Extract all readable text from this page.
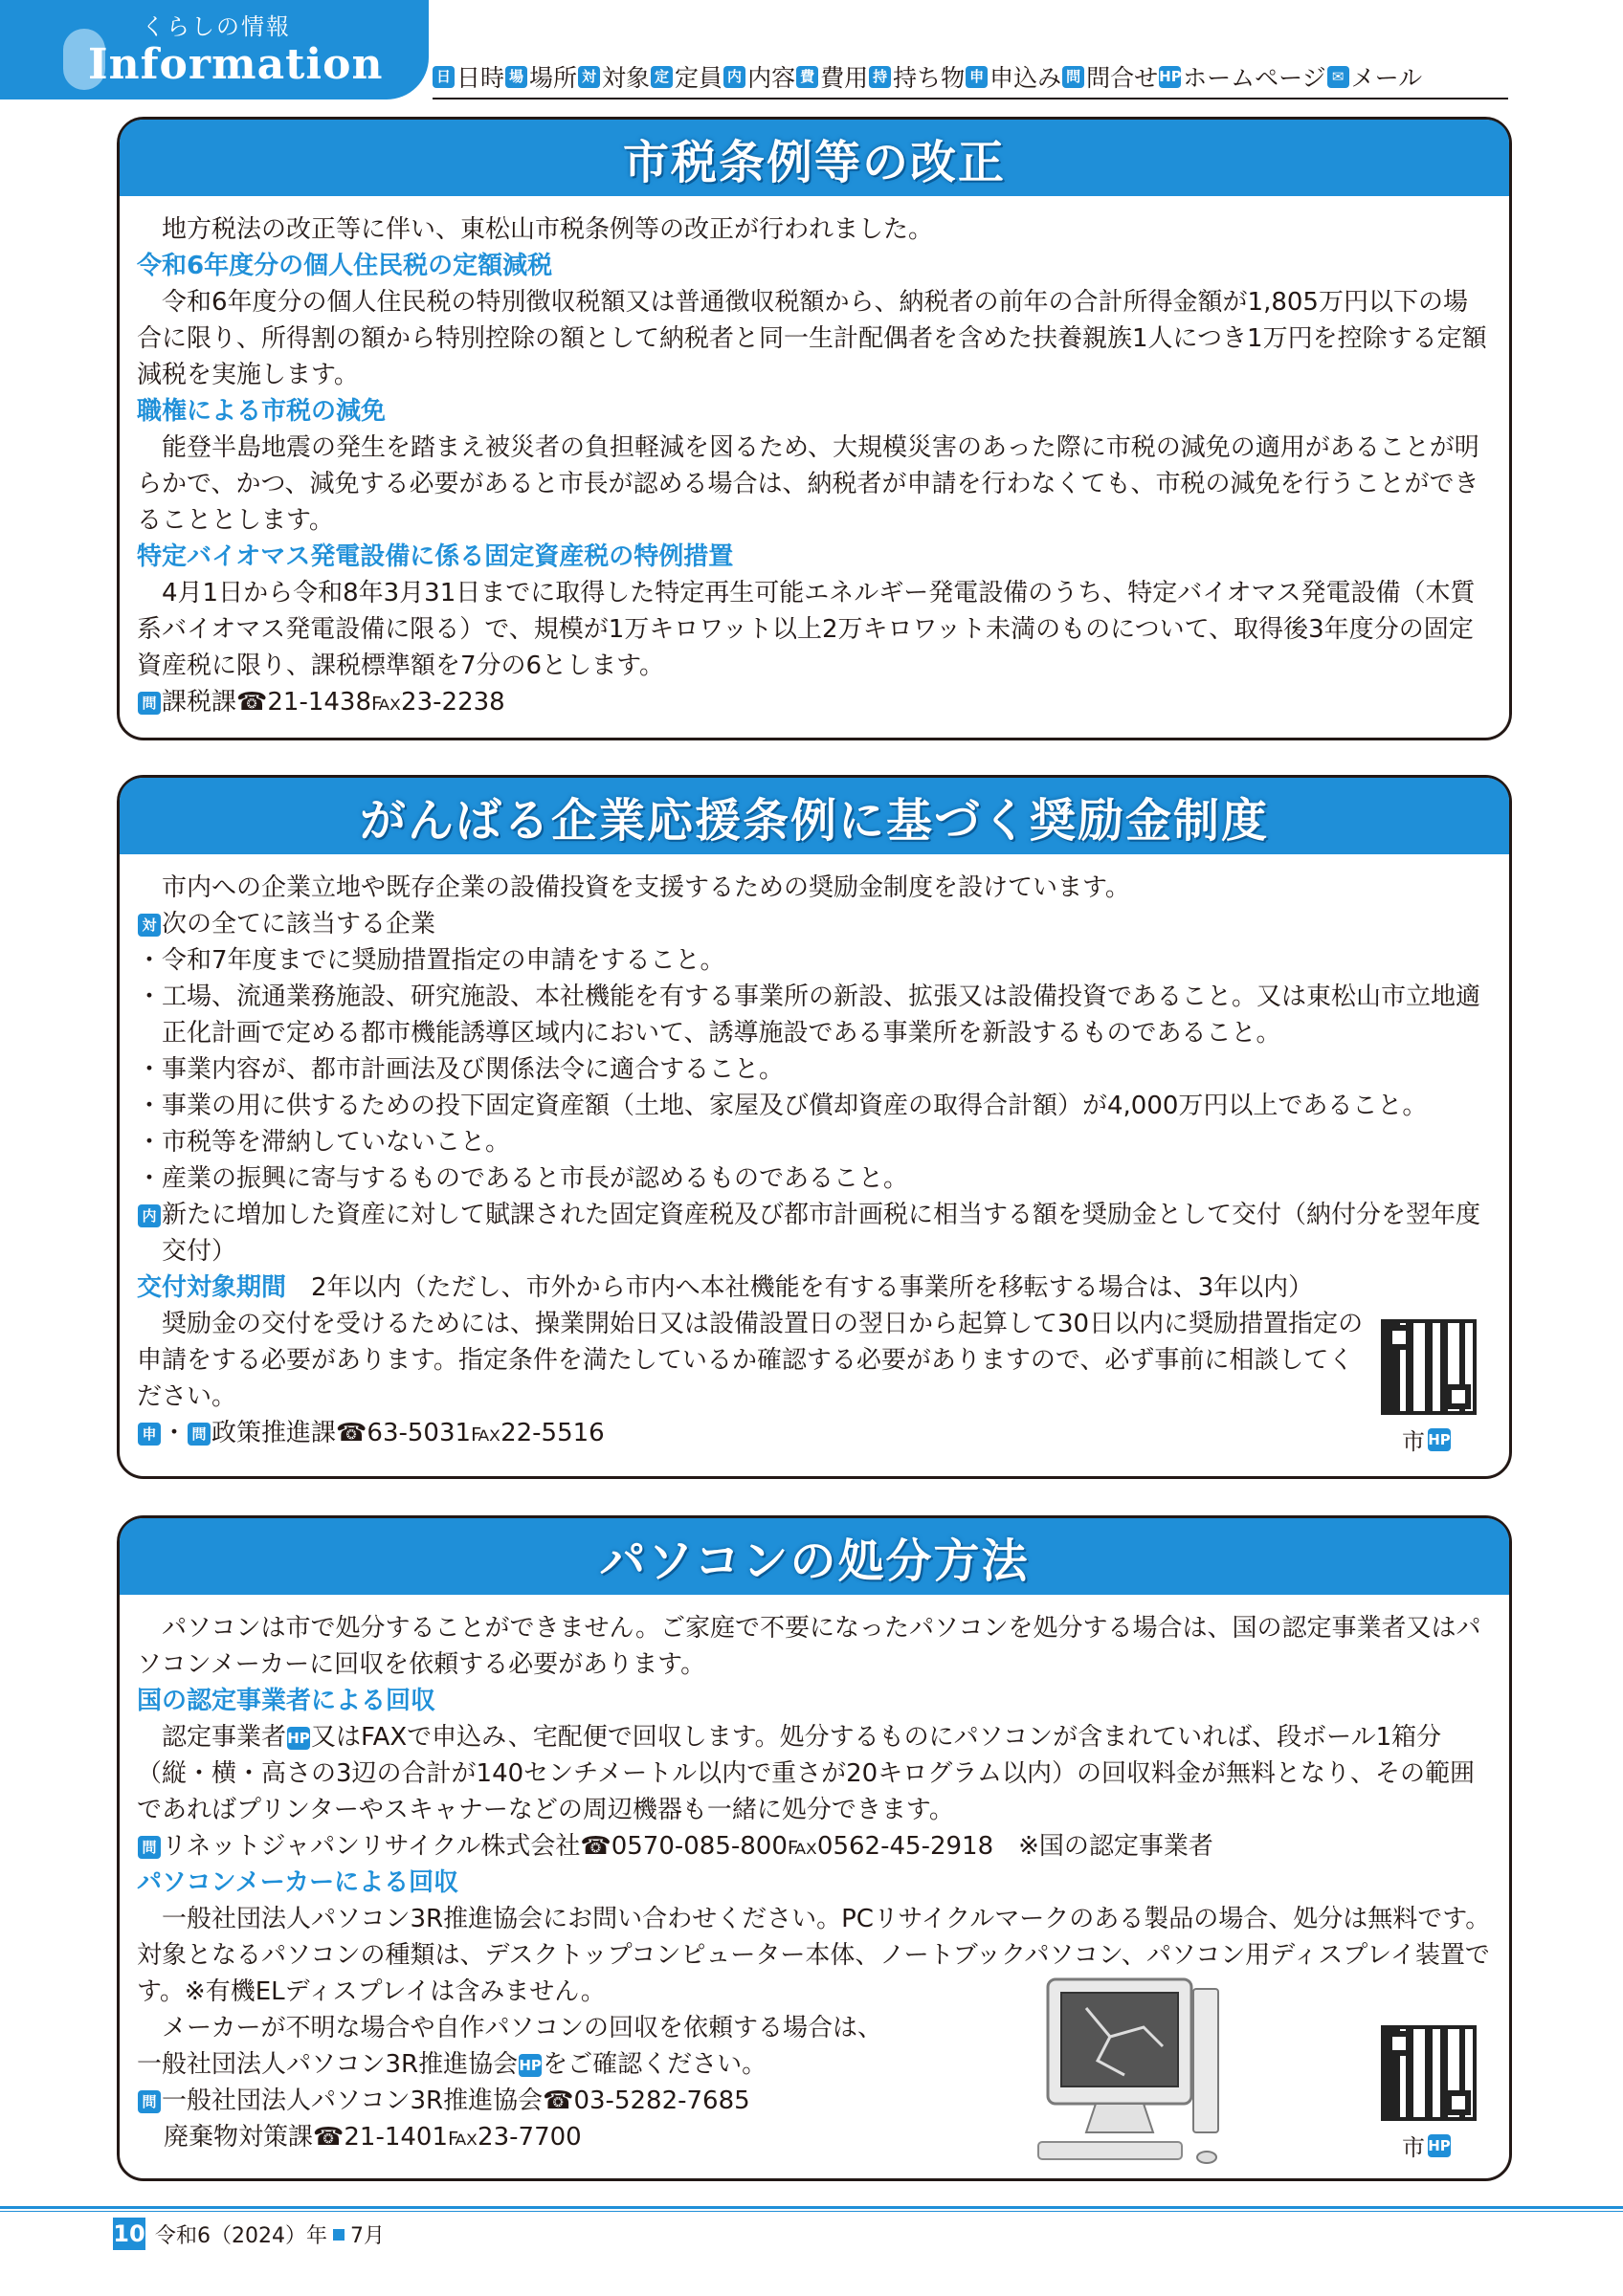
くらしの情報
Information	日 日時 場 場所 対 対象 定 定員 内 内容 費 費用 持 持ち物 申 申込み 問 問合せ HP ホームページ ✉ メール
市税条例等の改正

地方税法の改正等に伴い、東松山市税条例等の改正が行われました。

令和6年度分の個人住民税の定額減税

令和6年度分の個人住民税の特別徴収税額又は普通徴収税額から、納税者の前年の合計所得金額が1,805万円以下の場合に限り、所得割の額から特別控除の額として納税者と同一生計配偶者を含めた扶養親族1人につき1万円を控除する定額減税を実施します。

職権による市税の減免

能登半島地震の発生を踏まえ被災者の負担軽減を図るため、大規模災害のあった際に市税の減免の適用があることが明らかで、かつ、減免する必要があると市長が認める場合は、納税者が申請を行わなくても、市税の減免を行うことができることとします。

特定バイオマス発電設備に係る固定資産税の特例措置

4月1日から令和8年3月31日までに取得した特定再生可能エネルギー発電設備のうち、特定バイオマス発電設備（木質系バイオマス発電設備に限る）で、規模が1万キロワット以上2万キロワット未満のものについて、取得後3年度分の固定資産税に限り、課税標準額を7分の6とします。

問 課税課☎21-1438℻23-2238

がんばる企業応援条例に基づく奨励金制度

市内への企業立地や既存企業の設備投資を支援するための奨励金制度を設けています。

対 次の全てに該当する企業

・令和7年度までに奨励措置指定の申請をすること。

・工場、流通業務施設、研究施設、本社機能を有する事業所の新設、拡張又は設備投資であること。又は東松山市立地適正化計画で定める都市機能誘導区域内において、誘導施設である事業所を新設するものであること。

・事業内容が、都市計画法及び関係法令に適合すること。

・事業の用に供するための投下固定資産額（土地、家屋及び償却資産の取得合計額）が4,000万円以上であること。

・市税等を滞納していないこと。

・産業の振興に寄与するものであると市長が認めるものであること。

内 新たに増加した資産に対して賦課された固定資産税及び都市計画税に相当する額を奨励金として交付（納付分を翌年度交付）

交付対象期間　 2年以内（ただし、市外から市内へ本社機能を有する事業所を移転する場合は、3年以内）

奨励金の交付を受けるためには、操業開始日又は設備設置日の翌日から起算して30日以内に奨励措置指定の申請をする必要があります。指定条件を満たしているか確認する必要がありますので、必ず事前に相談してください。

申 ・ 問 政策推進課☎63-5031℻22-5516	市 HP
パソコンの処分方法

パソコンは市で処分することができません。ご家庭で不要になったパソコンを処分する場合は、国の認定事業者又はパソコンメーカーに回収を依頼する必要があります。

国の認定事業者による回収

認定事業者HP又はFAXで申込み、宅配便で回収します。処分するものにパソコンが含まれていれば、段ボール1箱分（縦・横・高さの3辺の合計が140センチメートル以内で重さが20キログラム以内）の回収料金が無料となり、その範囲であればプリンターやスキャナーなどの周辺機器も一緒に処分できます。

問 リネットジャパンリサイクル株式会社☎0570-085-800℻0562-45-2918　※国の認定事業者

パソコンメーカーによる回収

一般社団法人パソコン3R推進協会にお問い合わせください。PCリサイクルマークのある製品の場合、処分は無料です。対象となるパソコンの種類は、デスクトップコンピューター本体、ノートブックパソコン、パソコン用ディスプレイ装置です。※有機ELディスプレイは含みません。

メーカーが不明な場合や自作パソコンの回収を依頼する場合は、

一般社団法人パソコン3R推進協会HPをご確認ください。

問 一般社団法人パソコン3R推進協会☎03-5282-7685

廃棄物対策課☎21-1401℻23-7700	市 HP
10 令和6（2024）年 7月
